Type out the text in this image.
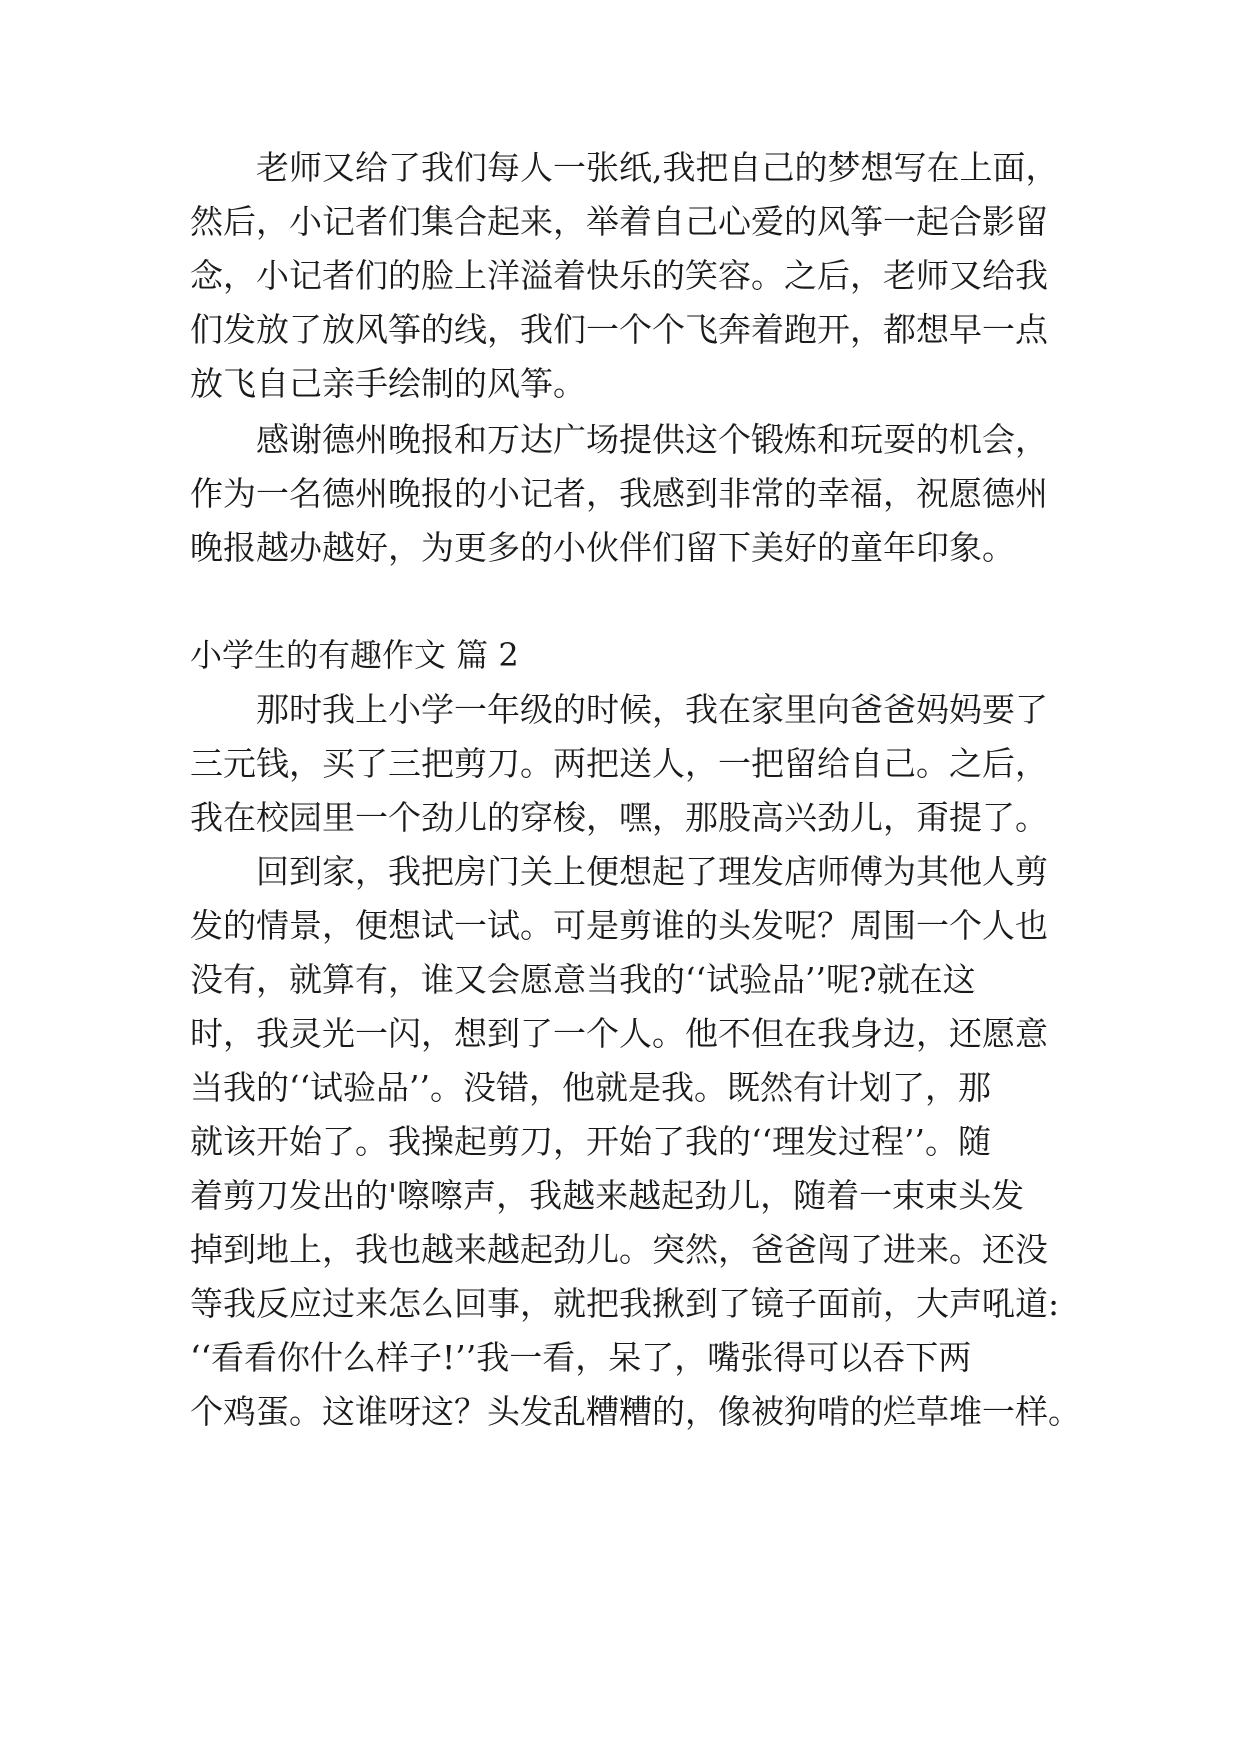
老师又给了我们每人一张纸,我把自己的梦想写在上面，
然后，小记者们集合起来，举着自己心爱的风筝一起合影留
念，小记者们的脸上洋溢着快乐的笑容。之后，老师又给我
们发放了放风筝的线，我们一个个飞奔着跑开，都想早一点
放飞自己亲手绘制的风筝。
感谢德州晚报和万达广场提供这个锻炼和玩耍的机会，
作为一名德州晚报的小记者，我感到非常的幸福，祝愿德州
晚报越办越好，为更多的小伙伴们留下美好的童年印象。
小学生的有趣作文 篇 2
那时我上小学一年级的时候，我在家里向爸爸妈妈要了
三元钱，买了三把剪刀。两把送人，一把留给自己。之后，
我在校园里一个劲儿的穿梭，嘿，那股高兴劲儿，甭提了。
回到家，我把房门关上便想起了理发店师傅为其他人剪
发的情景，便想试一试。可是剪谁的头发呢？周围一个人也
没有，就算有，谁又会愿意当我的‘‘试验品’’呢?就在这
时，我灵光一闪，想到了一个人。他不但在我身边，还愿意
当我的‘‘试验品’’。没错，他就是我。既然有计划了，那
就该开始了。我操起剪刀，开始了我的‘‘理发过程’’。随
着剪刀发出的'嚓嚓声，我越来越起劲儿，随着一束束头发
掉到地上，我也越来越起劲儿。突然，爸爸闯了进来。还没
等我反应过来怎么回事，就把我揪到了镜子面前，大声吼道:
‘‘看看你什么样子!’’我一看，呆了，嘴张得可以吞下两
个鸡蛋。这谁呀这？头发乱糟糟的，像被狗啃的烂草堆一样。
